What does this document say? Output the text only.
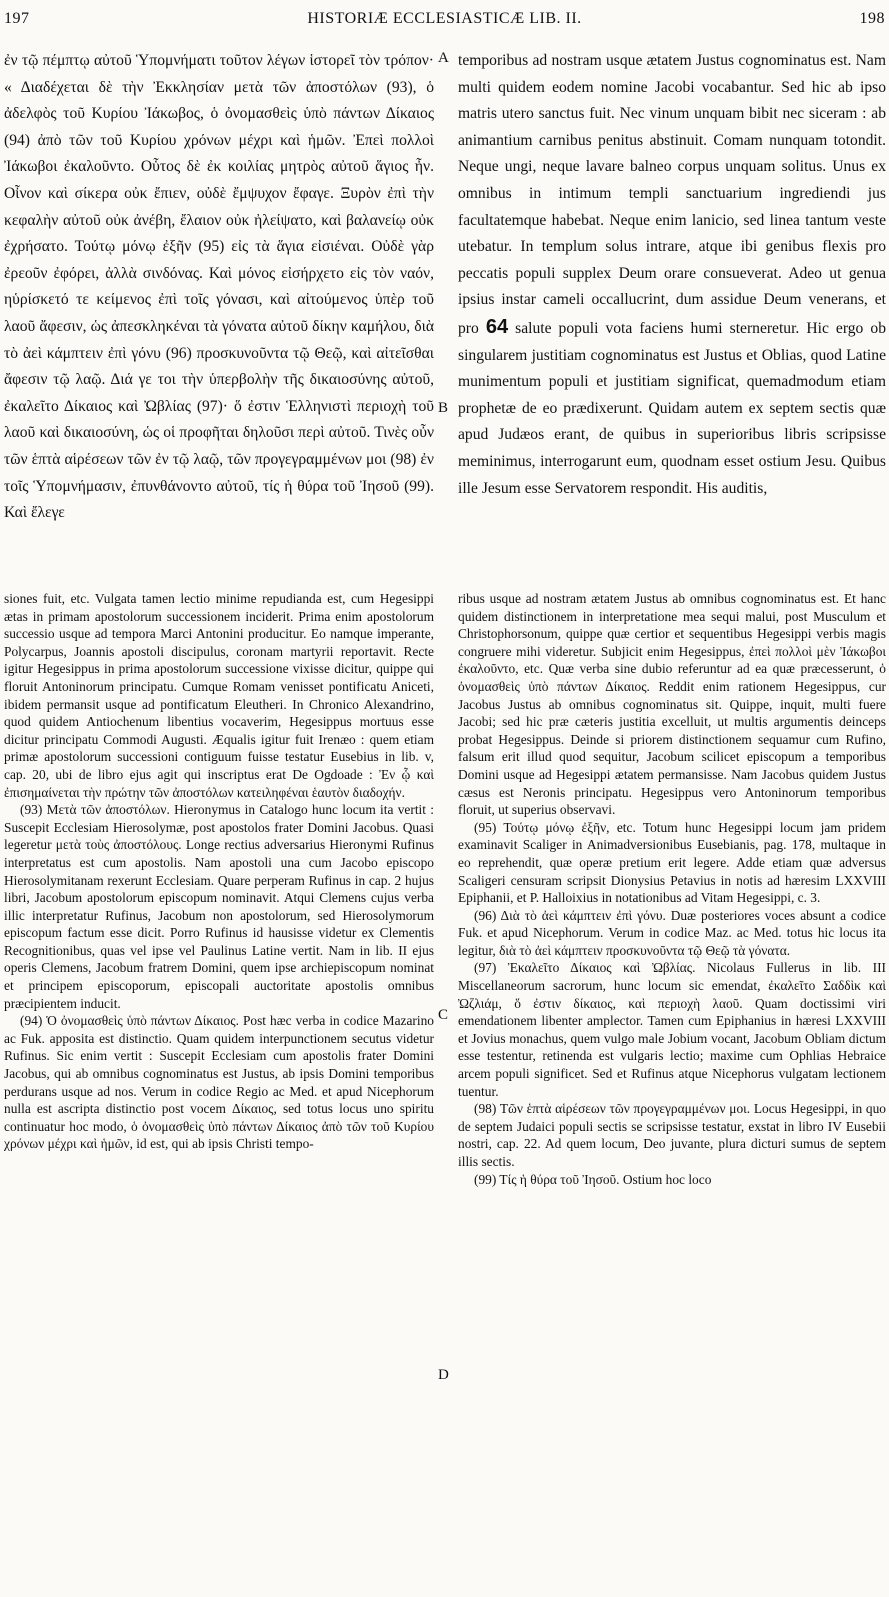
197	HISTORIÆ ECCLESIASTICÆ LIB. II.	198

ἐν τῷ πέμπτῳ αὐτοῦ Ὑπομνήματι τοῦτον λέγων ἱστορεῖ τὸν τρόπον· « Διαδέχεται δὲ τὴν Ἐκκλησίαν μετὰ τῶν ἀποστόλων (93), ὁ ἀδελφὸς τοῦ Κυρίου Ἰάκωβος, ὁ ὀνομασθεὶς ὑπὸ πάντων Δίκαιος (94) ἀπὸ τῶν τοῦ Κυρίου χρόνων μέχρι καὶ ἡμῶν. Ἐπεὶ πολλοὶ Ἰάκωβοι ἐκαλοῦντο. Οὗτος δὲ ἐκ κοιλίας μητρὸς αὐτοῦ ἅγιος ἦν. Οἶνον καὶ σίκερα οὐκ ἔπιεν, οὐδὲ ἔμψυχον ἔφαγε. Ξυρὸν ἐπὶ τὴν κεφαλὴν αὐτοῦ οὐκ ἀνέβη, ἔλαιον οὐκ ἠλείψατο, καὶ βαλανείῳ οὐκ ἐχρήσατο. Τούτῳ μόνῳ ἐξῆν (95) εἰς τὰ ἅγια εἰσιέναι. Οὐδὲ γὰρ ἐρεοῦν ἐφόρει, ἀλλὰ σινδόνας. Καὶ μόνος εἰσήρχετο εἰς τὸν ναόν, ηὑρίσκετό τε κείμενος ἐπὶ τοῖς γόνασι, καὶ αἰτούμενος ὑπὲρ τοῦ λαοῦ ἄφεσιν, ὡς ἀπεσκληκέναι τὰ γόνατα αὐτοῦ δίκην καμήλου, διὰ τὸ ἀεὶ κάμπτειν ἐπὶ γόνυ (96) προσκυνοῦντα τῷ Θεῷ, καὶ αἰτεῖσθαι ἄφεσιν τῷ λαῷ. Διά γε τοι τὴν ὑπερβολὴν τῆς δικαιοσύνης αὐτοῦ, ἐκαλεῖτο Δίκαιος καὶ Ὠβλίας (97)· ὅ ἐστιν Ἑλληνιστὶ περιοχὴ τοῦ λαοῦ καὶ δικαιοσύνη, ὡς οἱ προφῆται δηλοῦσι περὶ αὐτοῦ. Τινὲς οὖν τῶν ἑπτὰ αἱρέσεων τῶν ἐν τῷ λαῷ, τῶν προγεγραμμένων μοι (98) ἐν τοῖς Ὑπομνήμασιν, ἐπυνθάνοντο αὐτοῦ, τίς ἡ θύρα τοῦ Ἰησοῦ (99). Καὶ ἔλεγε

temporibus ad nostram usque ætatem Justus cognominatus est. Nam multi quidem eodem nomine Jacobi vocabantur. Sed hic ab ipso matris utero sanctus fuit. Nec vinum unquam bibit nec siceram : ab animantium carnibus penitus abstinuit. Comam nunquam totondit. Neque ungi, neque lavare balneo corpus unquam solitus. Unus ex omnibus in intimum templi sanctuarium ingrediendi jus facultatemque habebat. Neque enim lanicio, sed linea tantum veste utebatur. In templum solus intrare, atque ibi genibus flexis pro peccatis populi supplex Deum orare consueverat. Adeo ut genua ipsius instar cameli occallucrint, dum assidue Deum venerans, et pro 64 salute populi vota faciens humi sterneretur. Hic ergo ob singularem justitiam cognominatus est Justus et Oblias, quod Latine munimentum populi et justitiam significat, quemadmodum etiam prophetæ de eo prædixerunt. Quidam autem ex septem sectis quæ apud Judæos erant, de quibus in superioribus libris scripsisse meminimus, interrogarunt eum, quodnam esset ostium Jesu. Quibus ille Jesum esse Servatorem respondit. His auditis,

A
B
C
D

siones fuit, etc. Vulgata tamen lectio minime repudianda est, cum Hegesippi ætas in primam apostolorum successionem inciderit. Prima enim apostolorum successio usque ad tempora Marci Antonini producitur. Eo namque imperante, Polycarpus, Joannis apostoli discipulus, coronam martyrii reportavit. Recte igitur Hegesippus in prima apostolorum successione vixisse dicitur, quippe qui floruit Antoninorum principatu. Cumque Romam venisset pontificatu Aniceti, ibidem permansit usque ad pontificatum Eleutheri. In Chronico Alexandrino, quod quidem Antiochenum libentius vocaverim, Hegesippus mortuus esse dicitur principatu Commodi Augusti. Æqualis igitur fuit Irenæo : quem etiam primæ apostolorum successioni contiguum fuisse testatur Eusebius in lib. v, cap. 20, ubi de libro ejus agit qui inscriptus erat De Ogdoade : Ἐν ᾧ καὶ ἐπισημαίνεται τὴν πρώτην τῶν ἀποστόλων κατειληφέναι ἑαυτὸν διαδοχήν.

(93) Μετὰ τῶν ἀποστόλων. Hieronymus in Catalogo hunc locum ita vertit : Suscepit Ecclesiam Hierosolymæ, post apostolos frater Domini Jacobus. Quasi legeretur μετὰ τοὺς ἀποστόλους. Longe rectius adversarius Hieronymi Rufinus interpretatus est cum apostolis. Nam apostoli una cum Jacobo episcopo Hierosolymitanam rexerunt Ecclesiam. Quare perperam Rufinus in cap. 2 hujus libri, Jacobum apostolorum episcopum nominavit. Atqui Clemens cujus verba illic interpretatur Rufinus, Jacobum non apostolorum, sed Hierosolymorum episcopum factum esse dicit. Porro Rufinus id hausisse videtur ex Clementis Recognitionibus, quas vel ipse vel Paulinus Latine vertit. Nam in lib. II ejus operis Clemens, Jacobum fratrem Domini, quem ipse archiepiscopum nominat et principem episcoporum, episcopali auctoritate apostolis omnibus præcipientem inducit.

(94) Ὁ ὀνομασθεὶς ὑπὸ πάντων Δίκαιος. Post hæc verba in codice Mazarino ac Fuk. apposita est distinctio. Quam quidem interpunctionem secutus videtur Rufinus. Sic enim vertit : Suscepit Ecclesiam cum apostolis frater Domini Jacobus, qui ab omnibus cognominatus est Justus, ab ipsis Domini temporibus perdurans usque ad nos. Verum in codice Regio ac Med. et apud Nicephorum nulla est ascripta distinctio post vocem Δίκαιος, sed totus locus uno spiritu continuatur hoc modo, ὁ ὀνομασθεὶς ὑπὸ πάντων Δίκαιος ἀπὸ τῶν τοῦ Κυρίου χρόνων μέχρι καὶ ἡμῶν, id est, qui ab ipsis Christi tempo-

ribus usque ad nostram ætatem Justus ab omnibus cognominatus est. Et hanc quidem distinctionem in interpretatione mea sequi malui, post Musculum et Christophorsonum, quippe quæ certior et sequentibus Hegesippi verbis magis congruere mihi videretur. Subjicit enim Hegesippus, ἐπεὶ πολλοὶ μὲν Ἰάκωβοι ἐκαλοῦντο, etc. Quæ verba sine dubio referuntur ad ea quæ præcesserunt, ὁ ὀνομασθεὶς ὑπὸ πάντων Δίκαιος. Reddit enim rationem Hegesippus, cur Jacobus Justus ab omnibus cognominatus sit. Quippe, inquit, multi fuere Jacobi; sed hic præ cæteris justitia excelluit, ut multis argumentis deinceps probat Hegesippus. Deinde si priorem distinctionem sequamur cum Rufino, falsum erit illud quod sequitur, Jacobum scilicet episcopum a temporibus Domini usque ad Hegesippi ætatem permansisse. Nam Jacobus quidem Justus cæsus est Neronis principatu. Hegesippus vero Antoninorum temporibus floruit, ut superius observavi.

(95) Τούτῳ μόνῳ ἐξῆν, etc. Totum hunc Hegesippi locum jam pridem examinavit Scaliger in Animadversionibus Eusebianis, pag. 178, multaque in eo reprehendit, quæ operæ pretium erit legere. Adde etiam quæ adversus Scaligeri censuram scripsit Dionysius Petavius in notis ad hæresim LXXVIII Epiphanii, et P. Halloixius in notationibus ad Vitam Hegesippi, c. 3.

(96) Διὰ τὸ ἀεὶ κάμπτειν ἐπὶ γόνυ. Duæ posteriores voces absunt a codice Fuk. et apud Nicephorum. Verum in codice Maz. ac Med. totus hic locus ita legitur, διὰ τὸ ἀεὶ κάμπτειν προσκυνοῦντα τῷ Θεῷ τὰ γόνατα.

(97) Ἐκαλεῖτο Δίκαιος καὶ Ὠβλίας. Nicolaus Fullerus in lib. III Miscellaneorum sacrorum, hunc locum sic emendat, ἐκαλεῖτο Σαδδὶκ καὶ Ὠζλιάμ, ὅ ἐστιν δίκαιος, καὶ περιοχὴ λαοῦ. Quam doctissimi viri emendationem libenter amplector. Tamen cum Epiphanius in hæresi LXXVIII et Jovius monachus, quem vulgo male Jobium vocant, Jacobum Obliam dictum esse testentur, retinenda est vulgaris lectio; maxime cum Ophlias Hebraice arcem populi significet. Sed et Rufinus atque Nicephorus vulgatam lectionem tuentur.

(98) Τῶν ἑπτὰ αἱρέσεων τῶν προγεγραμμένων μοι. Locus Hegesippi, in quo de septem Judaici populi sectis se scripsisse testatur, exstat in libro IV Eusebii nostri, cap. 22. Ad quem locum, Deo juvante, plura dicturi sumus de septem illis sectis.

(99) Τίς ἡ θύρα τοῦ Ἰησοῦ. Ostium hoc loco
